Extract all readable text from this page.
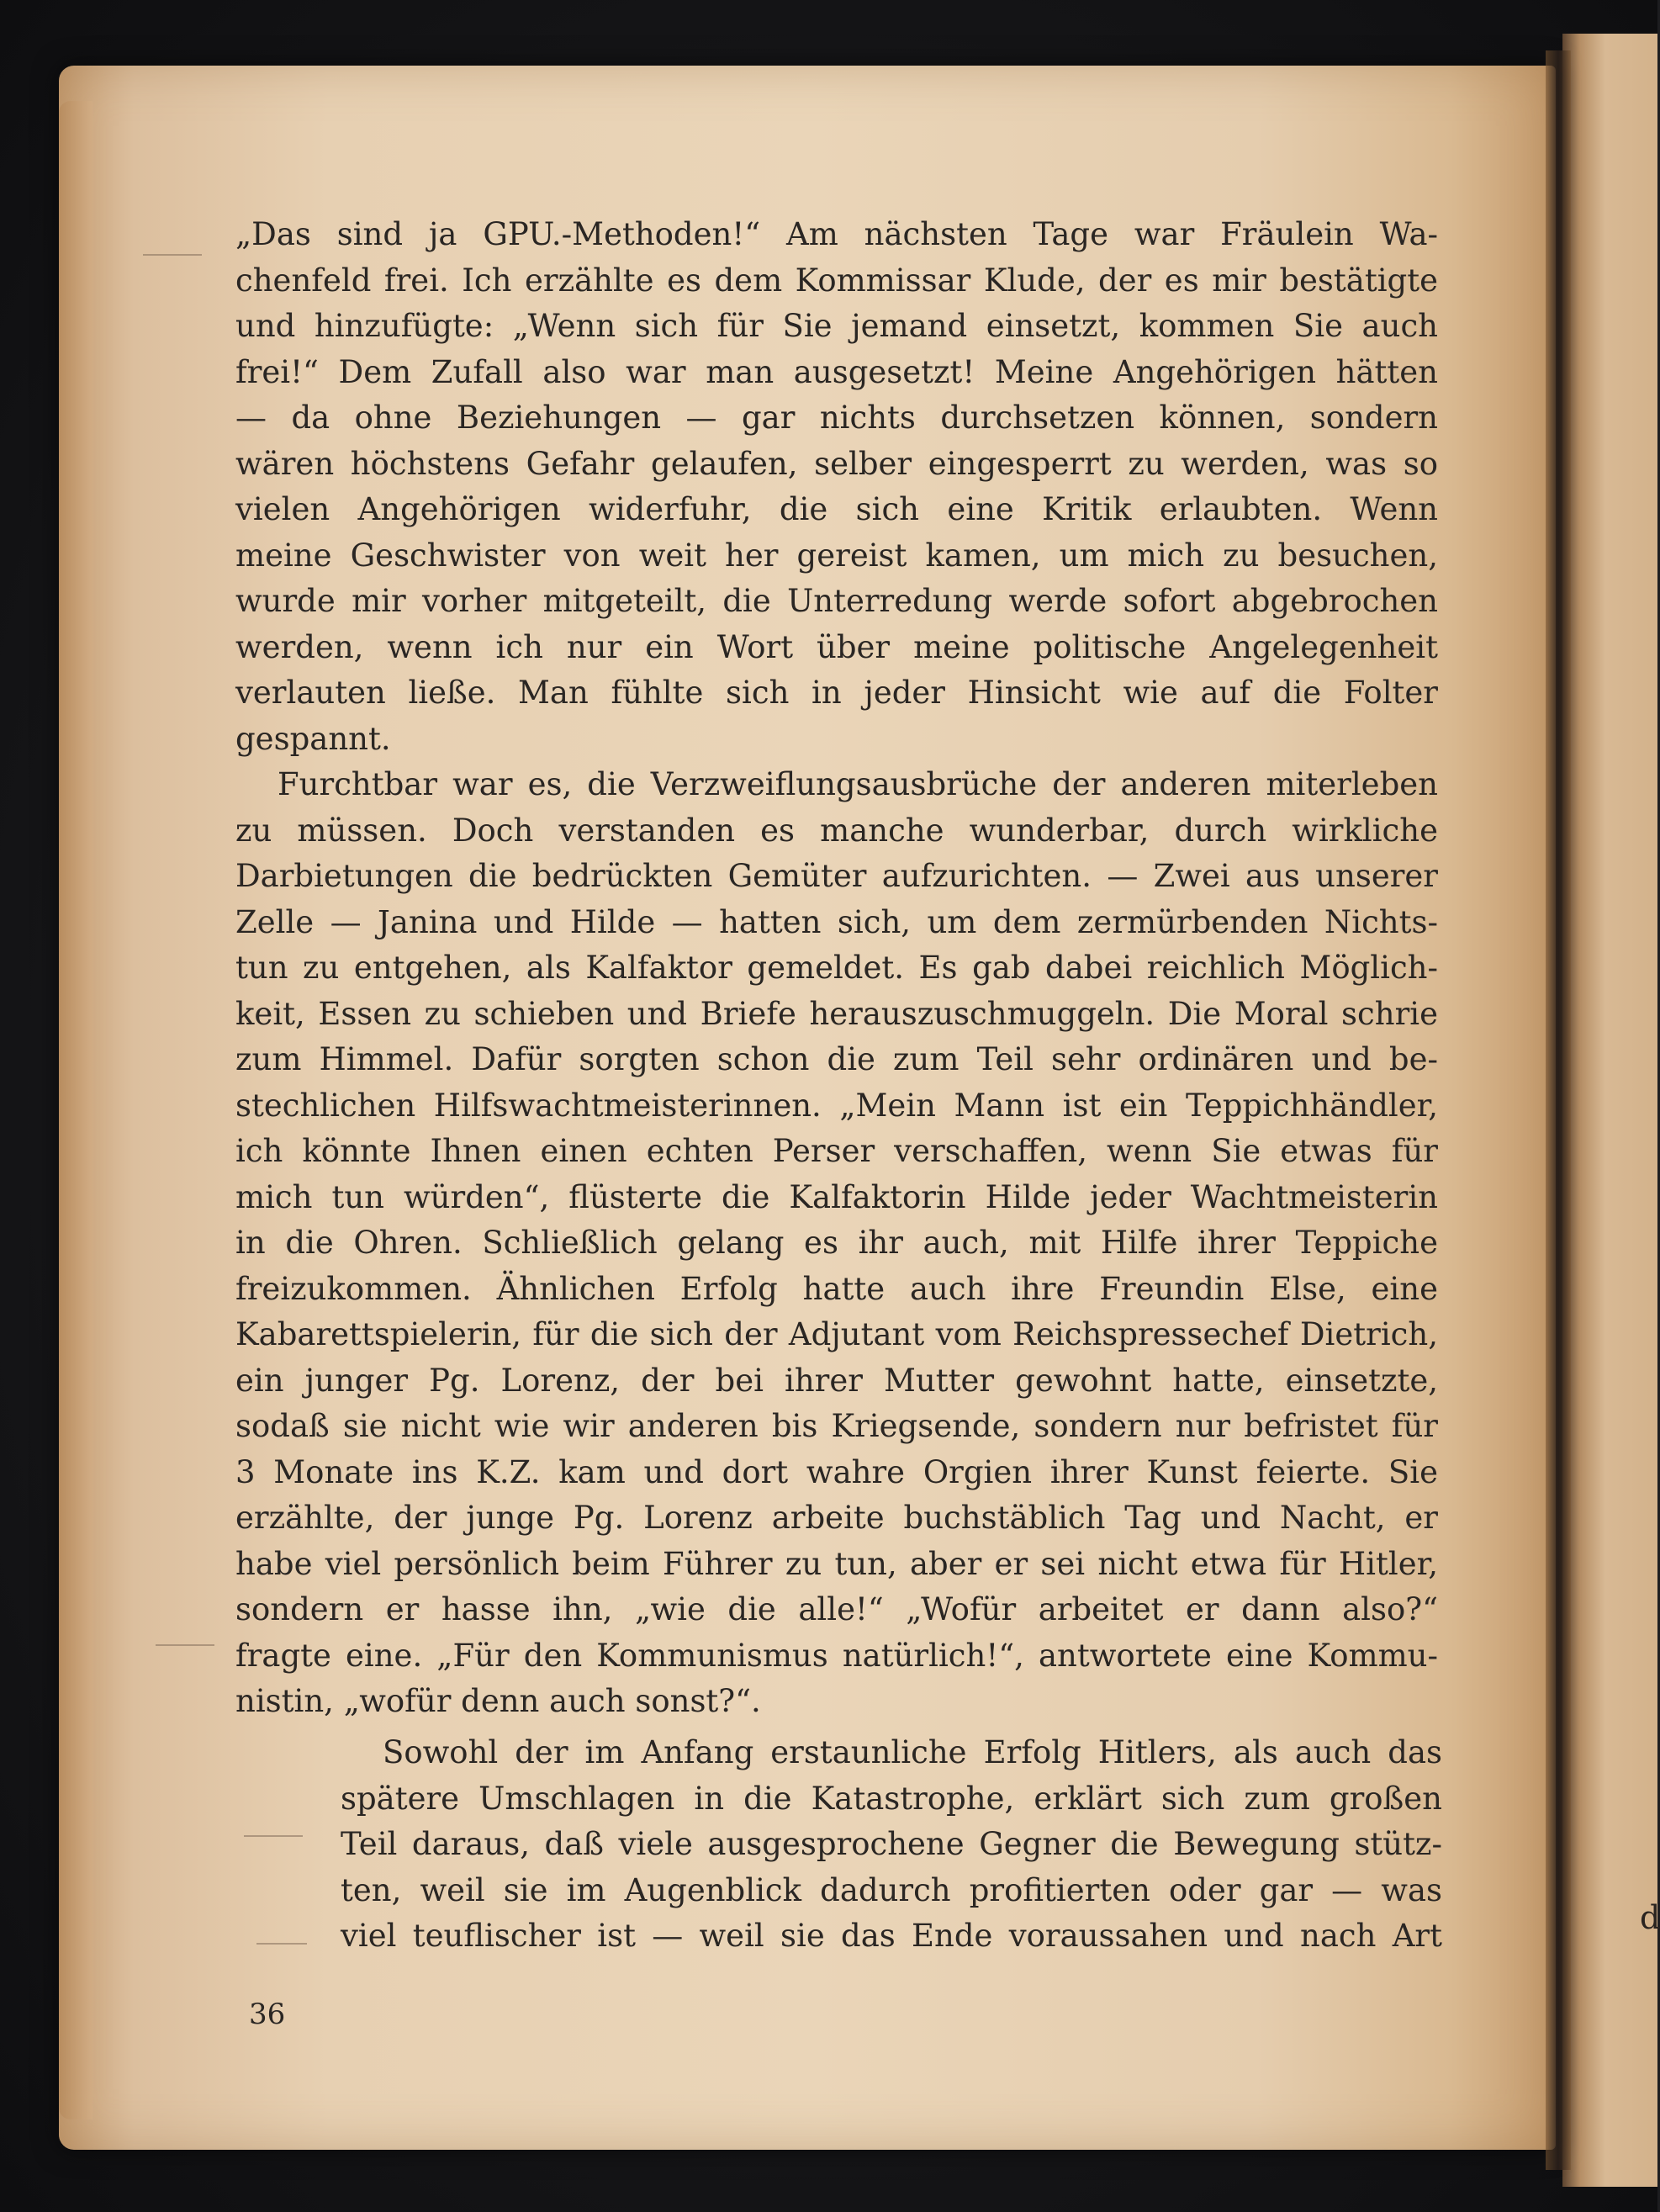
d
„Das sind ja GPU.-Methoden!“ Am nächsten Tage war Fräulein Wa-
chenfeld frei. Ich erzählte es dem Kommissar Klude, der es mir bestätigte
und hinzufügte: „Wenn sich für Sie jemand einsetzt, kommen Sie auch
frei!“ Dem Zufall also war man ausgesetzt! Meine Angehörigen hätten
— da ohne Beziehungen — gar nichts durchsetzen können, sondern
wären höchstens Gefahr gelaufen, selber eingesperrt zu werden, was so
vielen Angehörigen widerfuhr, die sich eine Kritik erlaubten. Wenn
meine Geschwister von weit her gereist kamen, um mich zu besuchen,
wurde mir vorher mitgeteilt, die Unterredung werde sofort abgebrochen
werden, wenn ich nur ein Wort über meine politische Angelegenheit
verlauten ließe. Man fühlte sich in jeder Hinsicht wie auf die Folter
gespannt.
Furchtbar war es, die Verzweiflungsausbrüche der anderen miterleben
zu müssen. Doch verstanden es manche wunderbar, durch wirkliche
Darbietungen die bedrückten Gemüter aufzurichten. — Zwei aus unserer
Zelle — Janina und Hilde — hatten sich, um dem zermürbenden Nichts-
tun zu entgehen, als Kalfaktor gemeldet. Es gab dabei reichlich Möglich-
keit, Essen zu schieben und Briefe herauszuschmuggeln. Die Moral schrie
zum Himmel. Dafür sorgten schon die zum Teil sehr ordinären und be-
stechlichen Hilfswachtmeisterinnen. „Mein Mann ist ein Teppichhändler,
ich könnte Ihnen einen echten Perser verschaffen, wenn Sie etwas für
mich tun würden“, flüsterte die Kalfaktorin Hilde jeder Wachtmeisterin
in die Ohren. Schließlich gelang es ihr auch, mit Hilfe ihrer Teppiche
freizukommen. Ähnlichen Erfolg hatte auch ihre Freundin Else, eine
Kabarettspielerin, für die sich der Adjutant vom Reichspressechef Dietrich,
ein junger Pg. Lorenz, der bei ihrer Mutter gewohnt hatte, einsetzte,
sodaß sie nicht wie wir anderen bis Kriegsende, sondern nur befristet für
3 Monate ins K.Z. kam und dort wahre Orgien ihrer Kunst feierte. Sie
erzählte, der junge Pg. Lorenz arbeite buchstäblich Tag und Nacht, er
habe viel persönlich beim Führer zu tun, aber er sei nicht etwa für Hitler,
sondern er hasse ihn, „wie die alle!“ „Wofür arbeitet er dann also?“
fragte eine. „Für den Kommunismus natürlich!“, antwortete eine Kommu-
nistin, „wofür denn auch sonst?“.
Sowohl der im Anfang erstaunliche Erfolg Hitlers, als auch das
spätere Umschlagen in die Katastrophe, erklärt sich zum großen
Teil daraus, daß viele ausgesprochene Gegner die Bewegung stütz-
ten, weil sie im Augenblick dadurch profitierten oder gar — was
viel teuflischer ist — weil sie das Ende voraussahen und nach Art
36
